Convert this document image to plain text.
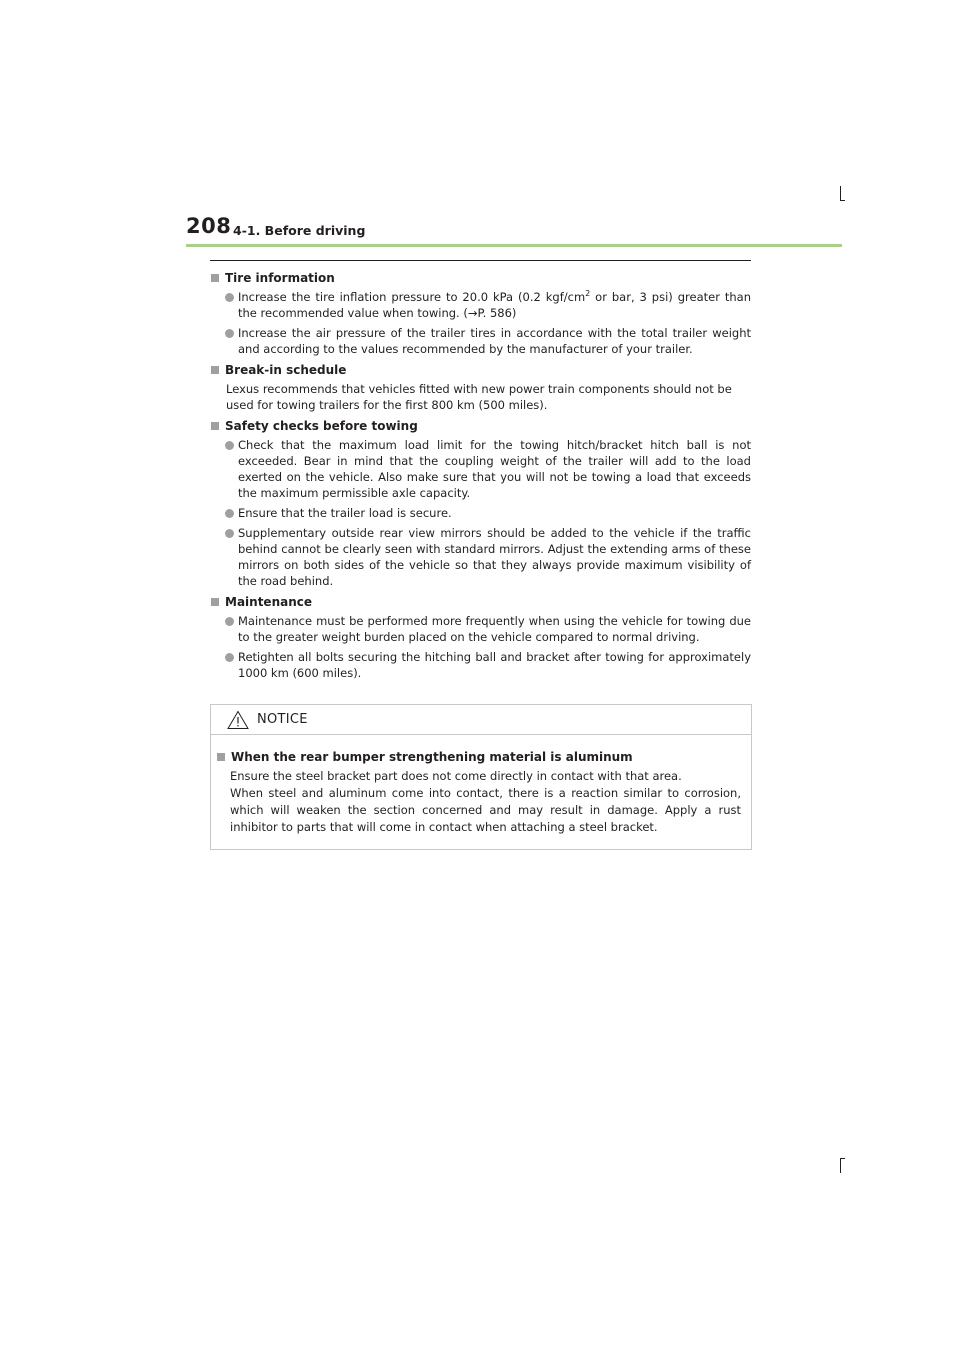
208 4-1. Before driving
Tire information
Increase the tire inflation pressure to 20.0 kPa (0.2 kgf/$cm^2$ or bar, 3 psi) greater than the recommended value when towing. (→P. 586)
Increase the air pressure of the trailer tires in accordance with the total trailer weight and according to the values recommended by the manufacturer of your trailer.
Break-in schedule
Lexus recommends that vehicles fitted with new power train components should not be used for towing trailers for the first 800 km (500 miles).
Safety checks before towing
Check that the maximum load limit for the towing hitch/bracket hitch ball is not exceeded. Bear in mind that the coupling weight of the trailer will add to the load exerted on the vehicle. Also make sure that you will not be towing a load that exceeds the maximum permissible axle capacity.
Ensure that the trailer load is secure.
Supplementary outside rear view mirrors should be added to the vehicle if the traffic behind cannot be clearly seen with standard mirrors. Adjust the extending arms of these mirrors on both sides of the vehicle so that they always provide maximum visibility of the road behind.
Maintenance
Maintenance must be performed more frequently when using the vehicle for towing due to the greater weight burden placed on the vehicle compared to normal driving.
Retighten all bolts securing the hitching ball and bracket after towing for approximately 1000 km (600 miles).
NOTICE
When the rear bumper strengthening material is aluminum

Ensure the steel bracket part does not come directly in contact with that area.

When steel and aluminum come into contact, there is a reaction similar to corrosion, which will weaken the section concerned and may result in damage. Apply a rust inhibitor to parts that will come in contact when attaching a steel bracket.
